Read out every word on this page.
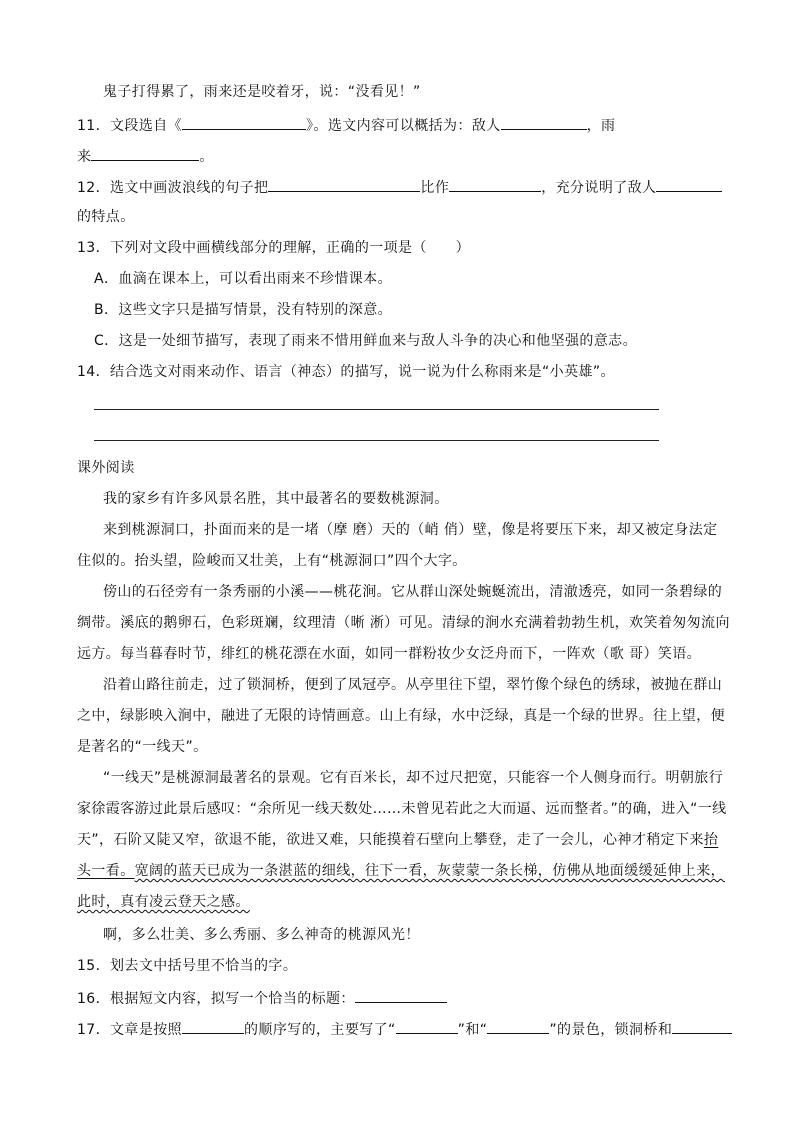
鬼子打得累了，雨来还是咬着牙，说：“没看见！”
11．文段选自《	》。选文内容可以概括为：敌人	，雨
来	。
12．选文中画波浪线的句子把	比作	，充分说明了敌人
的特点。
13．下列对文段中画横线部分的理解，正确的一项是（　　）
A．血滴在课本上，可以看出雨来不珍惜课本。
B．这些文字只是描写情景，没有特别的深意。
C．这是一处细节描写，表现了雨来不惜用鲜血来与敌人斗争的决心和他坚强的意志。
14．结合选文对雨来动作、语言（神态）的描写，说一说为什么称雨来是“小英雄”。
课外阅读
我的家乡有许多风景名胜，其中最著名的要数桃源洞。
来到桃源洞口，扑面而来的是一堵（摩 磨）天的（峭 俏）壁，像是将要压下来，却又被定身法定
住似的。抬头望，险峻而又壮美，上有“桃源洞口”四个大字。
傍山的石径旁有一条秀丽的小溪——桃花涧。它从群山深处蜿蜒流出，清澈透亮，如同一条碧绿的
绸带。溪底的鹅卵石，色彩斑斓，纹理清（晰 淅）可见。清绿的涧水充满着勃勃生机，欢笑着匆匆流向
远方。每当暮春时节，绯红的桃花漂在水面，如同一群粉妆少女泛舟而下，一阵欢（歌 哥）笑语。
沿着山路往前走，过了锁洞桥，便到了凤冠亭。从亭里往下望，翠竹像个绿色的绣球，被抛在群山
之中，绿影映入涧中，融进了无限的诗情画意。山上有绿，水中泛绿，真是一个绿的世界。往上望，便
是著名的“一线天”。
“一线天”是桃源洞最著名的景观。它有百米长，却不过尺把宽，只能容一个人侧身而行。明朝旅行
家徐霞客游过此景后感叹：“余所见一线天数处……未曾见若此之大而逼、远而整者。”的确，进入“一线
天”，石阶又陡又窄，欲退不能，欲进又难，只能摸着石壁向上攀登，走了一会儿，心神才稍定下来抬
头一看。宽阔的蓝天已成为一条湛蓝的细线，往下一看，灰蒙蒙一条长梯，仿佛从地面缓缓延伸上来，
此时，真有凌云登天之感。
啊，多么壮美、多么秀丽、多么神奇的桃源风光！
15．划去文中括号里不恰当的字。
16．根据短文内容，拟写一个恰当的标题：
17．文章是按照	的顺序写的，主要写了“	”和“	”的景色，锁洞桥和
